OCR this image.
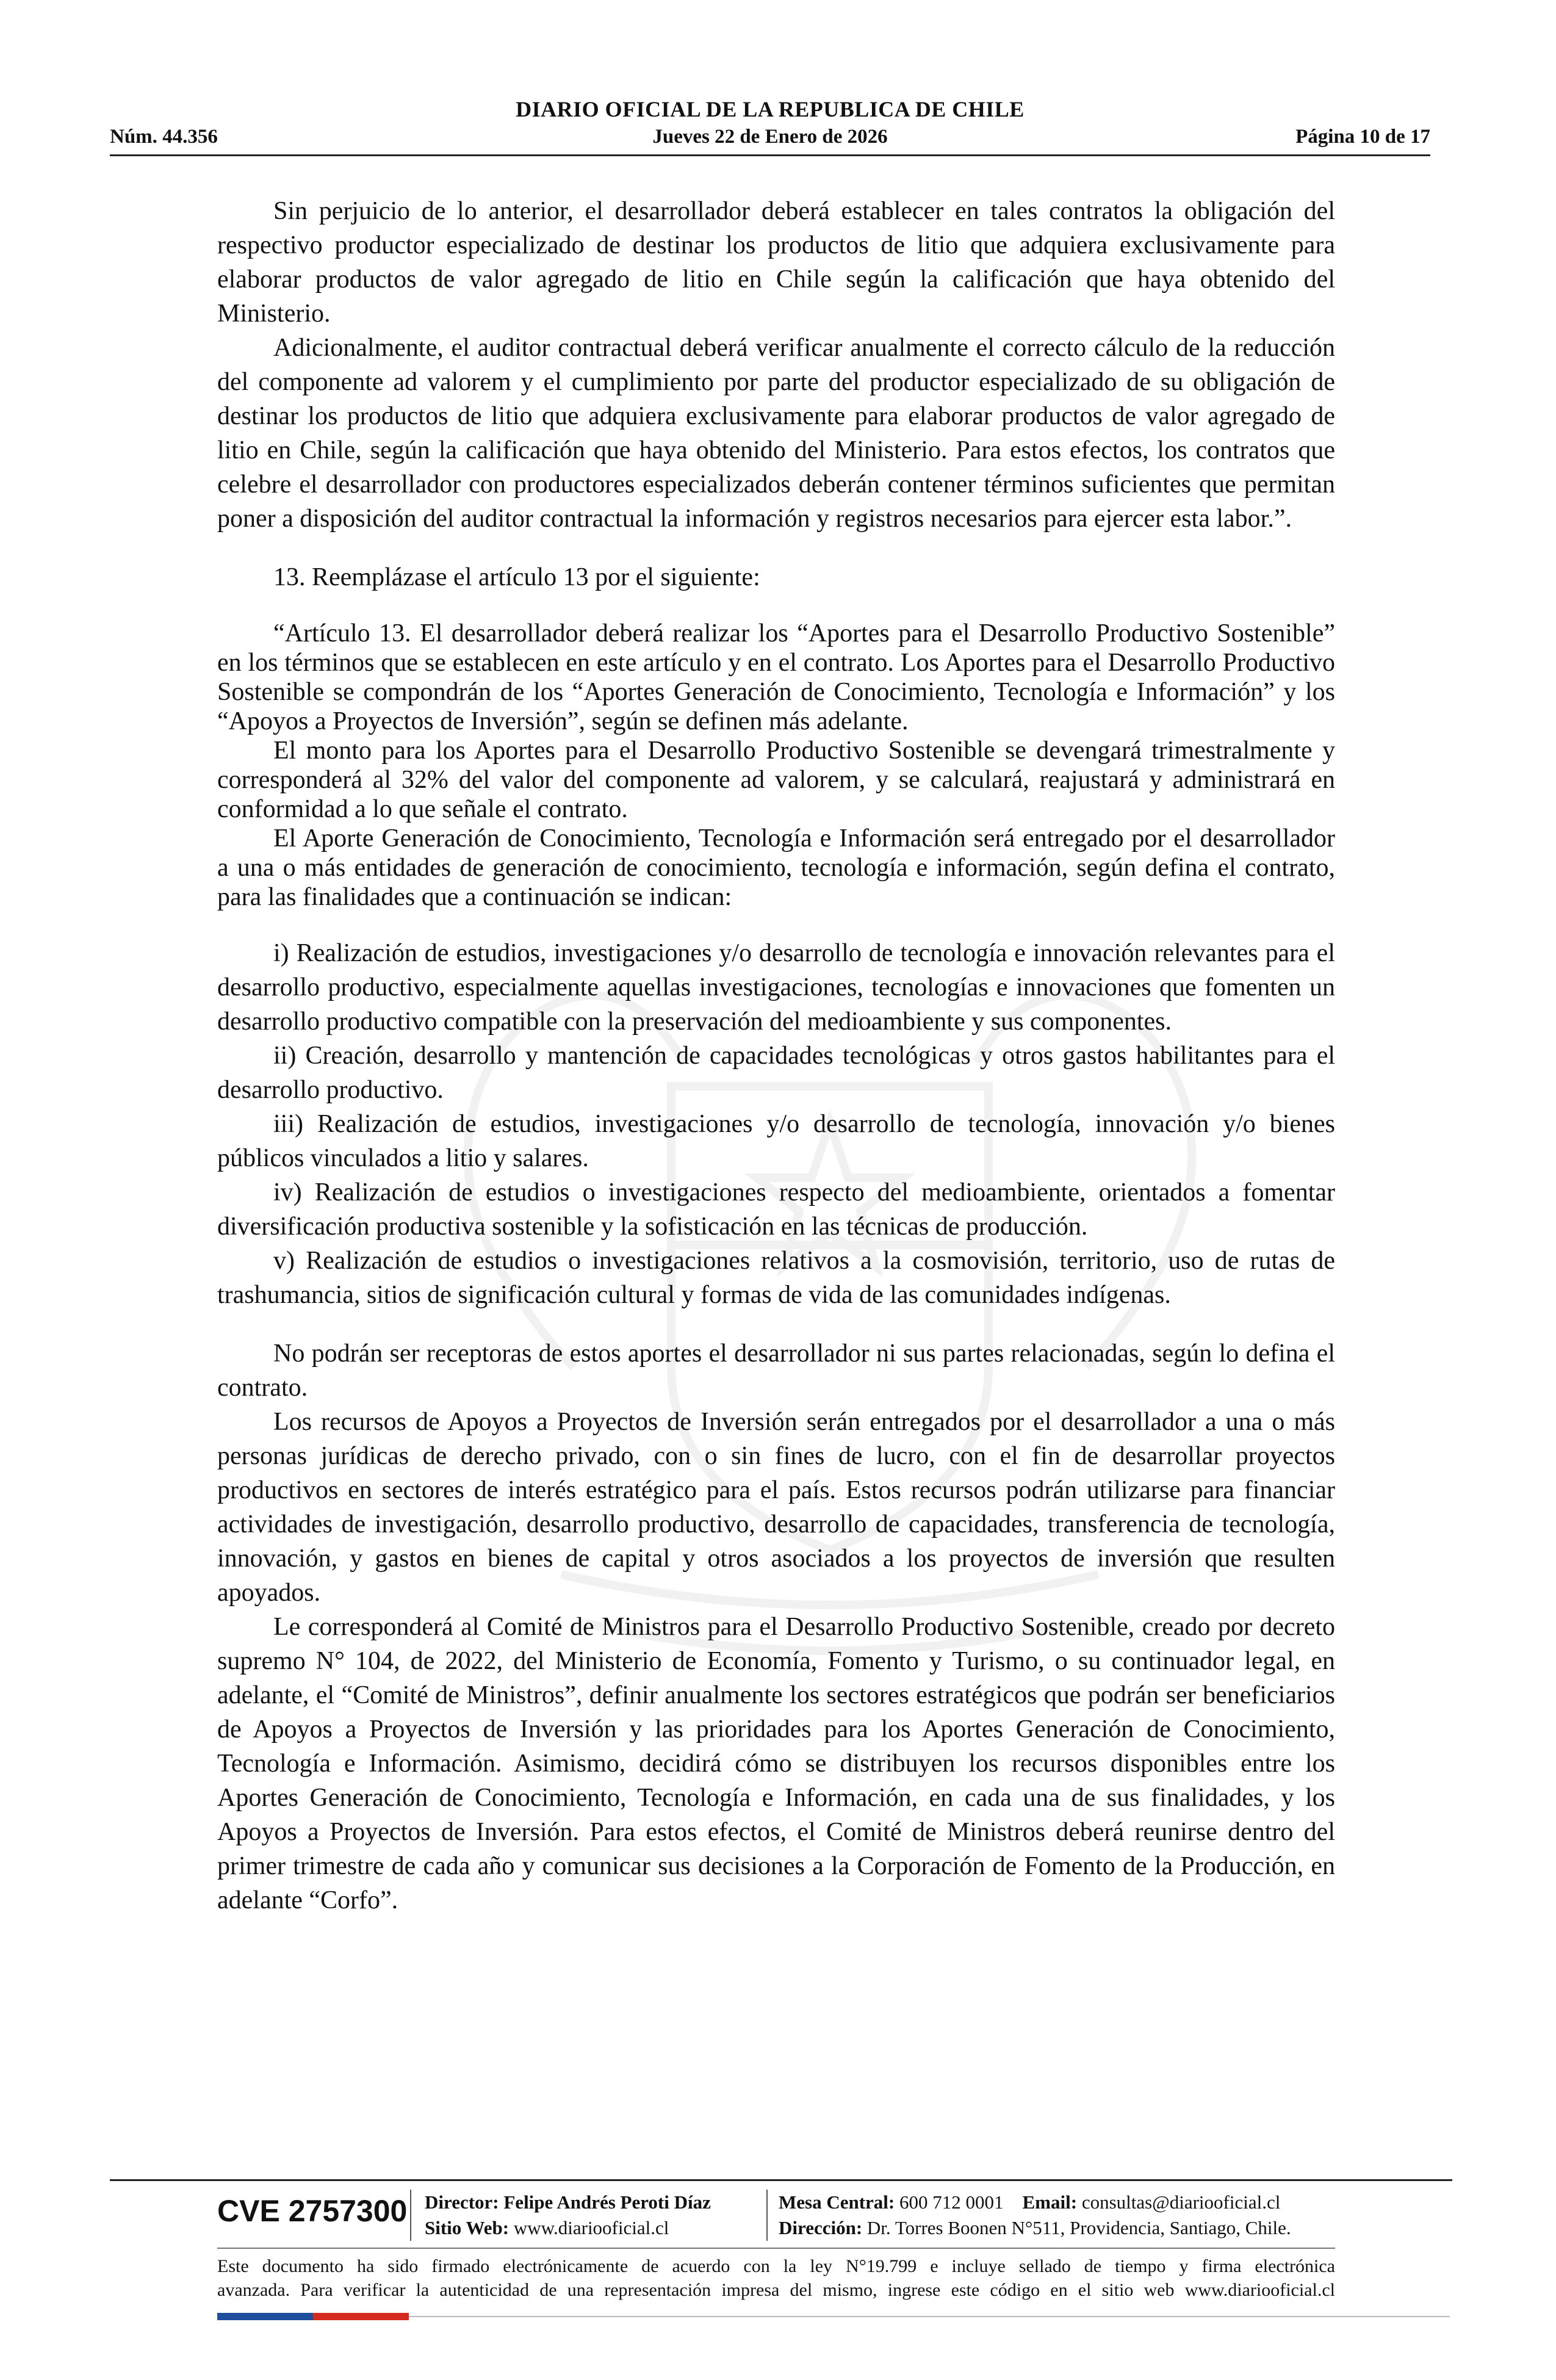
DIARIO OFICIAL DE LA REPUBLICA DE CHILE
Núm. 44.356	Jueves 22 de Enero de 2026	Página 10 de 17

Sin perjuicio de lo anterior, el desarrollador deberá establecer en tales contratos la obligación del respectivo productor especializado de destinar los productos de litio que adquiera exclusivamente para elaborar productos de valor agregado de litio en Chile según la calificación que haya obtenido del Ministerio.

Adicionalmente, el auditor contractual deberá verificar anualmente el correcto cálculo de la reducción del componente ad valorem y el cumplimiento por parte del productor especializado de su obligación de destinar los productos de litio que adquiera exclusivamente para elaborar productos de valor agregado de litio en Chile, según la calificación que haya obtenido del Ministerio. Para estos efectos, los contratos que celebre el desarrollador con productores especializados deberán contener términos suficientes que permitan poner a disposición del auditor contractual la información y registros necesarios para ejercer esta labor.”.

13. Reemplázase el artículo 13 por el siguiente:

“Artículo 13. El desarrollador deberá realizar los “Aportes para el Desarrollo Productivo Sostenible” en los términos que se establecen en este artículo y en el contrato. Los Aportes para el Desarrollo Productivo Sostenible se compondrán de los “Aportes Generación de Conocimiento, Tecnología e Información” y los “Apoyos a Proyectos de Inversión”, según se definen más adelante.

El monto para los Aportes para el Desarrollo Productivo Sostenible se devengará trimestralmente y corresponderá al 32% del valor del componente ad valorem, y se calculará, reajustará y administrará en conformidad a lo que señale el contrato.

El Aporte Generación de Conocimiento, Tecnología e Información será entregado por el desarrollador a una o más entidades de generación de conocimiento, tecnología e información, según defina el contrato, para las finalidades que a continuación se indican:

i) Realización de estudios, investigaciones y/o desarrollo de tecnología e innovación relevantes para el desarrollo productivo, especialmente aquellas investigaciones, tecnologías e innovaciones que fomenten un desarrollo productivo compatible con la preservación del medioambiente y sus componentes.

ii) Creación, desarrollo y mantención de capacidades tecnológicas y otros gastos habilitantes para el desarrollo productivo.

iii) Realización de estudios, investigaciones y/o desarrollo de tecnología, innovación y/o bienes públicos vinculados a litio y salares.

iv) Realización de estudios o investigaciones respecto del medioambiente, orientados a fomentar diversificación productiva sostenible y la sofisticación en las técnicas de producción.

v) Realización de estudios o investigaciones relativos a la cosmovisión, territorio, uso de rutas de trashumancia, sitios de significación cultural y formas de vida de las comunidades indígenas.

No podrán ser receptoras de estos aportes el desarrollador ni sus partes relacionadas, según lo defina el contrato.

Los recursos de Apoyos a Proyectos de Inversión serán entregados por el desarrollador a una o más personas jurídicas de derecho privado, con o sin fines de lucro, con el fin de desarrollar proyectos productivos en sectores de interés estratégico para el país. Estos recursos podrán utilizarse para financiar actividades de investigación, desarrollo productivo, desarrollo de capacidades, transferencia de tecnología, innovación, y gastos en bienes de capital y otros asociados a los proyectos de inversión que resulten apoyados.

Le corresponderá al Comité de Ministros para el Desarrollo Productivo Sostenible, creado por decreto supremo N° 104, de 2022, del Ministerio de Economía, Fomento y Turismo, o su continuador legal, en adelante, el “Comité de Ministros”, definir anualmente los sectores estratégicos que podrán ser beneficiarios de Apoyos a Proyectos de Inversión y las prioridades para los Aportes Generación de Conocimiento, Tecnología e Información. Asimismo, decidirá cómo se distribuyen los recursos disponibles entre los Aportes Generación de Conocimiento, Tecnología e Información, en cada una de sus finalidades, y los Apoyos a Proyectos de Inversión. Para estos efectos, el Comité de Ministros deberá reunirse dentro del primer trimestre de cada año y comunicar sus decisiones a la Corporación de Fomento de la Producción, en adelante “Corfo”.

CVE 2757300 Director: Felipe Andrés Peroti Díaz
Sitio Web: www.diariooficial.cl
Mesa Central: 600 712 0001 Email: consultas@diariooficial.cl
Dirección: Dr. Torres Boonen N°511, Providencia, Santiago, Chile.
Este documento ha sido firmado electrónicamente de acuerdo con la ley N°19.799 e incluye sellado de tiempo y firma electrónica
avanzada. Para verificar la autenticidad de una representación impresa del mismo, ingrese este código en el sitio web www.diariooficial.cl
